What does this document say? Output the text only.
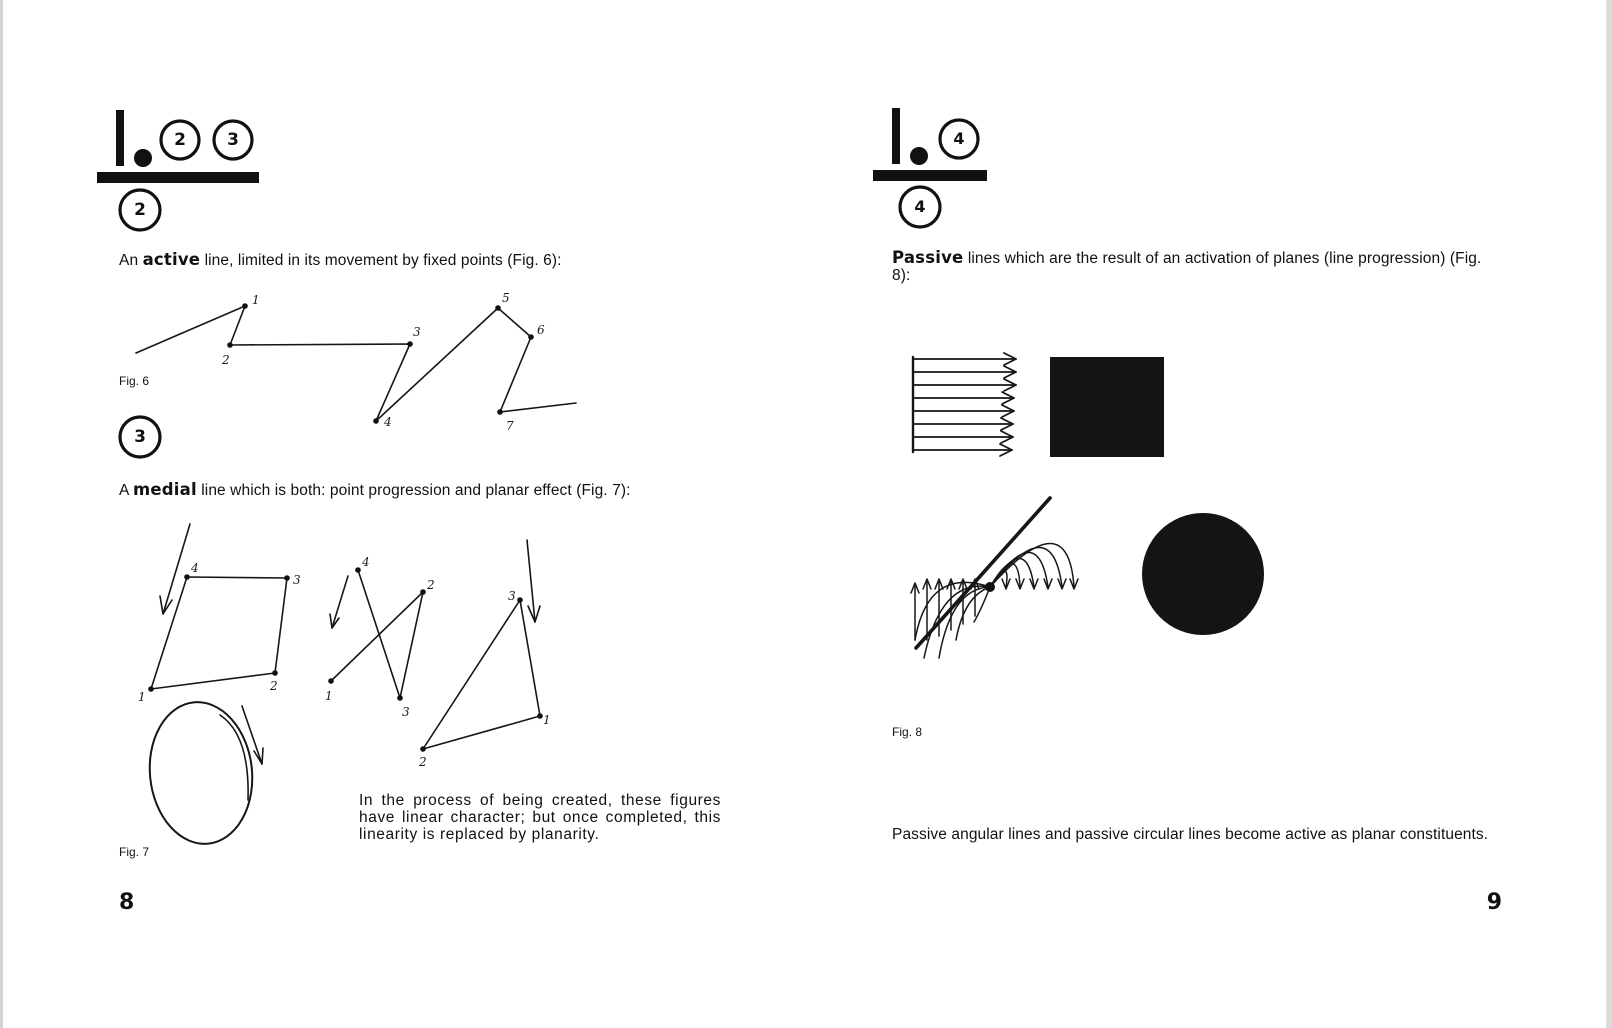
2	3
2

An active line, limited in its movement by fixed points (Fig. 6):

1
2
3
4
5
6
7

Fig. 6

3

A medial line which is both: point progression and planar effect (Fig. 7):

4
3
2
1
4
2
3
1
3
1
2

Fig. 7

In the process of being created, these figures have linear character; but once completed, this linearity is replaced by planarity.

8

4
4

Passive lines which are the result of an activation of planes (line progression) (Fig. 8):

Fig. 8

Passive angular lines and passive circular lines become active as planar constituents.

9
